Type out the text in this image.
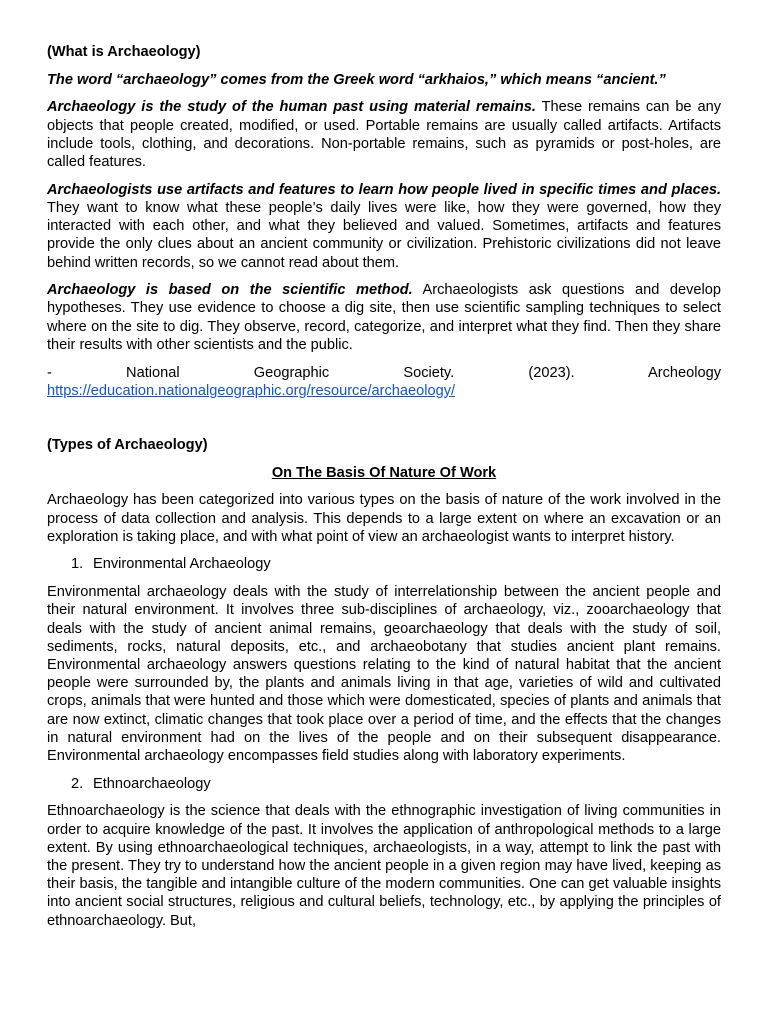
(What is Archaeology)

The word “archaeology” comes from the Greek word “arkhaios,” which means “ancient.”

Archaeology is the study of the human past using material remains. These remains can be any objects that people created, modified, or used. Portable remains are usually called artifacts. Artifacts include tools, clothing, and decorations. Non-portable remains, such as pyramids or post-holes, are called features.

Archaeologists use artifacts and features to learn how people lived in specific times and places. They want to know what these people’s daily lives were like, how they were governed, how they interacted with each other, and what they believed and valued. Sometimes, artifacts and features provide the only clues about an ancient community or civilization. Prehistoric civilizations did not leave behind written records, so we cannot read about them.

Archaeology is based on the scientific method. Archaeologists ask questions and develop hypotheses. They use evidence to choose a dig site, then use scientific sampling techniques to select where on the site to dig. They observe, record, categorize, and interpret what they find. Then they share their results with other scientists and the public.

- National Geographic Society. (2023). Archeology

https://education.nationalgeographic.org/resource/archaeology/

(Types of Archaeology)

On The Basis Of Nature Of Work

Archaeology has been categorized into various types on the basis of nature of the work involved in the process of data collection and analysis. This depends to a large extent on where an excavation or an exploration is taking place, and with what point of view an archaeologist wants to interpret history.

1. Environmental Archaeology

Environmental archaeology deals with the study of interrelationship between the ancient people and their natural environment. It involves three sub-disciplines of archaeology, viz., zooarchaeology that deals with the study of ancient animal remains, geoarchaeology that deals with the study of soil, sediments, rocks, natural deposits, etc., and archaeobotany that studies ancient plant remains. Environmental archaeology answers questions relating to the kind of natural habitat that the ancient people were surrounded by, the plants and animals living in that age, varieties of wild and cultivated crops, animals that were hunted and those which were domesticated, species of plants and animals that are now extinct, climatic changes that took place over a period of time, and the effects that the changes in natural environment had on the lives of the people and on their subsequent disappearance. Environmental archaeology encompasses field studies along with laboratory experiments.

2. Ethnoarchaeology

Ethnoarchaeology is the science that deals with the ethnographic investigation of living communities in order to acquire knowledge of the past. It involves the application of anthropological methods to a large extent. By using ethnoarchaeological techniques, archaeologists, in a way, attempt to link the past with the present. They try to understand how the ancient people in a given region may have lived, keeping as their basis, the tangible and intangible culture of the modern communities. One can get valuable insights into ancient social structures, religious and cultural beliefs, technology, etc., by applying the principles of ethnoarchaeology. But,
